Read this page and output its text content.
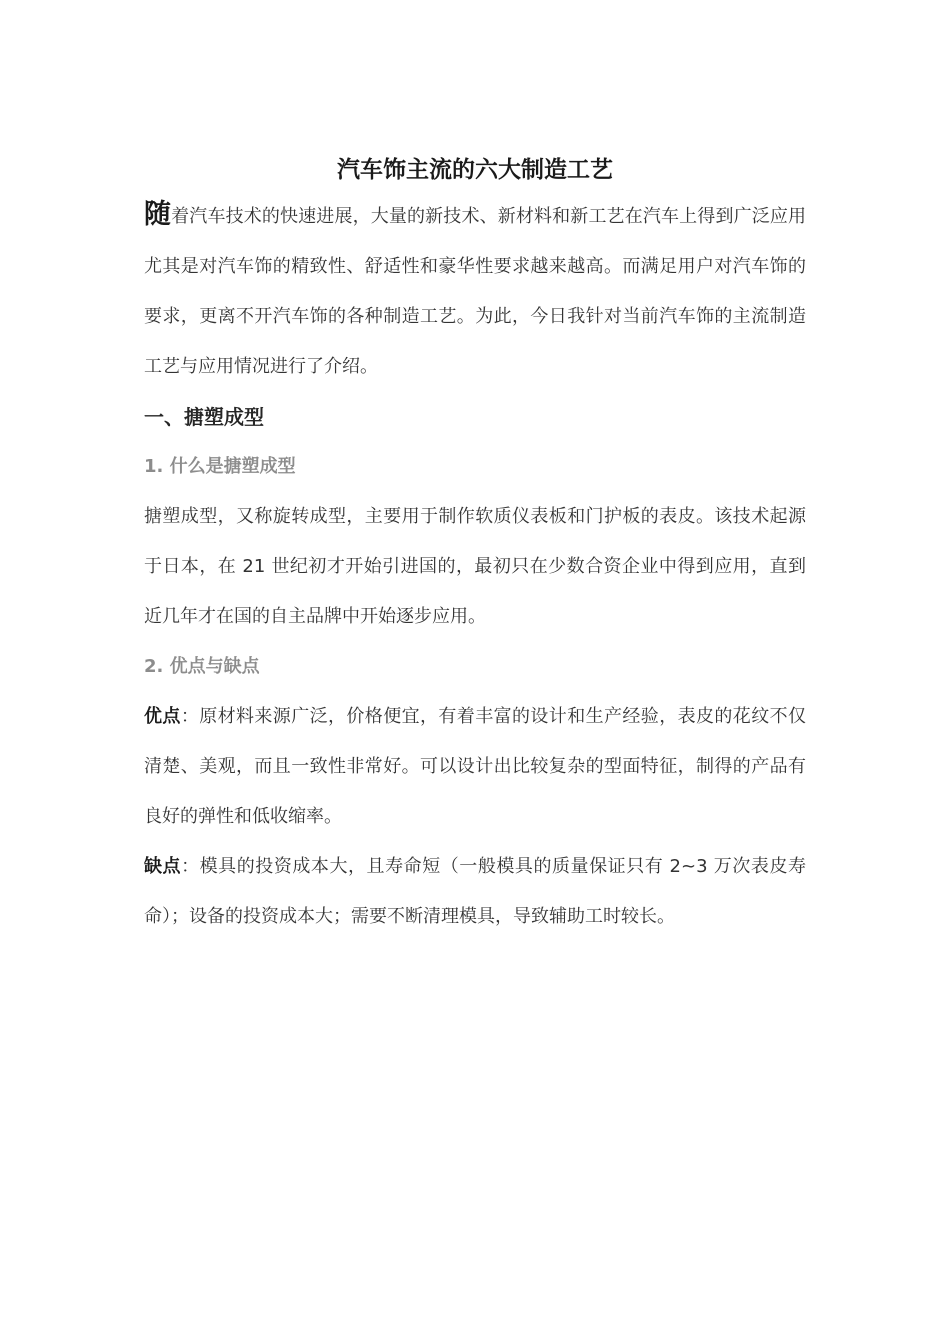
汽车饰主流的六大制造工艺

随着汽车技术的快速进展，大量的新技术、新材料和新工艺在汽车上得到广泛应用尤其是对汽车饰的精致性、舒适性和豪华性要求越来越高。而满足用户对汽车饰的要求，更离不开汽车饰的各种制造工艺。为此，今日我针对当前汽车饰的主流制造工艺与应用情况进行了介绍。

一、搪塑成型
1. 什么是搪塑成型

搪塑成型，又称旋转成型，主要用于制作软质仪表板和门护板的表皮。该技术起源于日本，在 21 世纪初才开始引进国的，最初只在少数合资企业中得到应用，直到近几年才在国的自主品牌中开始逐步应用。

2. 优点与缺点

优点：原材料来源广泛，价格便宜，有着丰富的设计和生产经验，表皮的花纹不仅清楚、美观，而且一致性非常好。可以设计出比较复杂的型面特征，制得的产品有良好的弹性和低收缩率。

缺点：模具的投资成本大，且寿命短（一般模具的质量保证只有 2~3 万次表皮寿命）；设备的投资成本大；需要不断清理模具，导致辅助工时较长。
